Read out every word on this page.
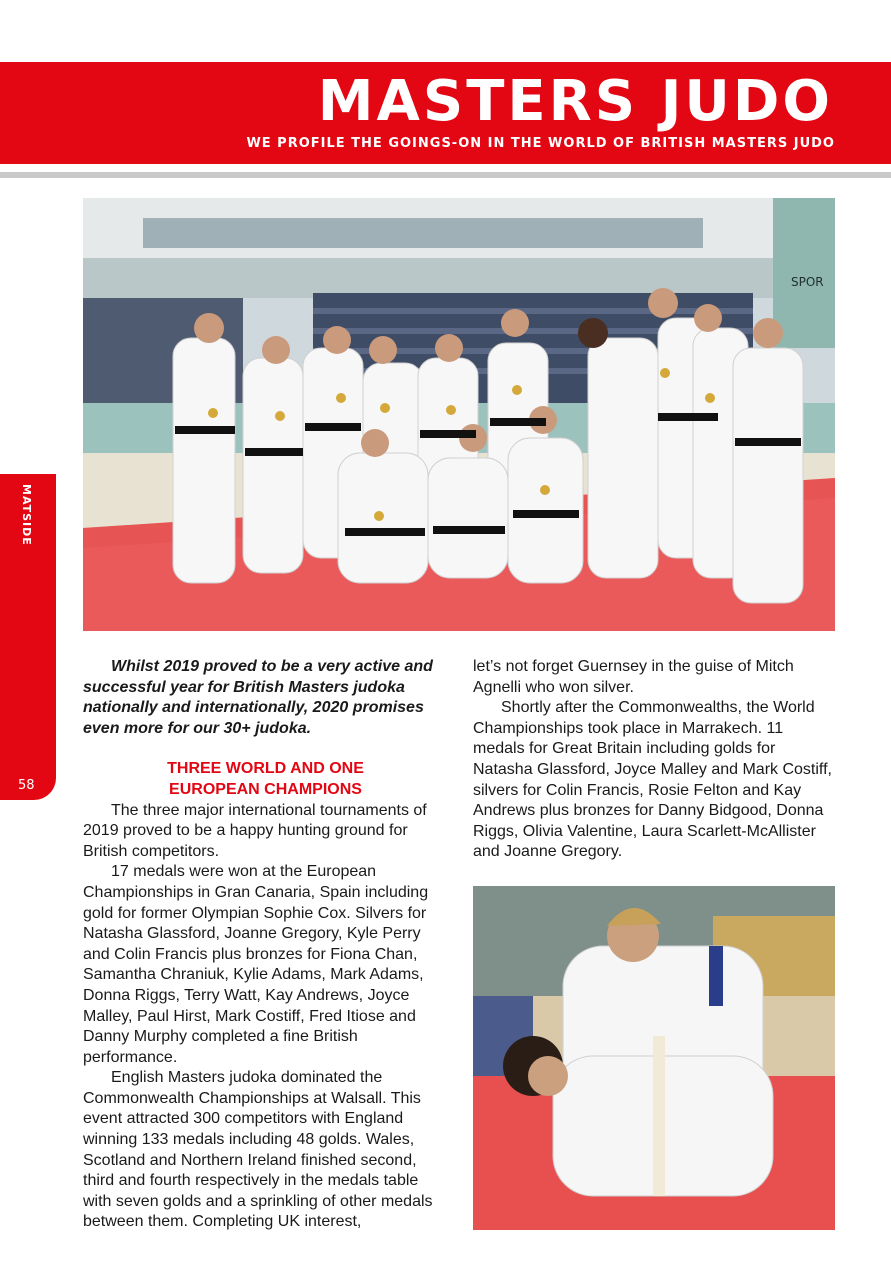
MASTERS JUDO
WE PROFILE THE GOINGS-ON IN THE WORLD OF BRITISH MASTERS JUDO
MATSIDE
58
SPOR

Whilst 2019 proved to be a very active and successful year for British Masters judoka nationally and internationally, 2020 promises even more for our 30+ judoka.

THREE WORLD AND ONE

EUROPEAN CHAMPIONS

The three major international tournaments of 2019 proved to be a happy hunting ground for British competitors.

17 medals were won at the European Championships in Gran Canaria, Spain including gold for former Olympian Sophie Cox. Silvers for Natasha Glassford, Joanne Gregory, Kyle Perry and Colin Francis plus bronzes for Fiona Chan, Samantha Chraniuk, Kylie Adams, Mark Adams, Donna Riggs, Terry Watt, Kay Andrews, Joyce Malley, Paul Hirst, Mark Costiff, Fred Itiose and Danny Murphy completed a fine British performance.

English Masters judoka dominated the Commonwealth Championships at Walsall. This event attracted 300 competitors with England winning 133 medals including 48 golds. Wales, Scotland and Northern Ireland finished second, third and fourth respectively in the medals table with seven golds and a sprinkling of other medals between them. Completing UK interest,

let’s not forget Guernsey in the guise of Mitch Agnelli who won silver.

Shortly after the Commonwealths, the World Championships took place in Marrakech. 11 medals for Great Britain including golds for Natasha Glassford, Joyce Malley and Mark Costiff, silvers for Colin Francis, Rosie Felton and Kay Andrews plus bronzes for Danny Bidgood, Donna Riggs, Olivia Valentine, Laura Scarlett-McAllister and Joanne Gregory.
